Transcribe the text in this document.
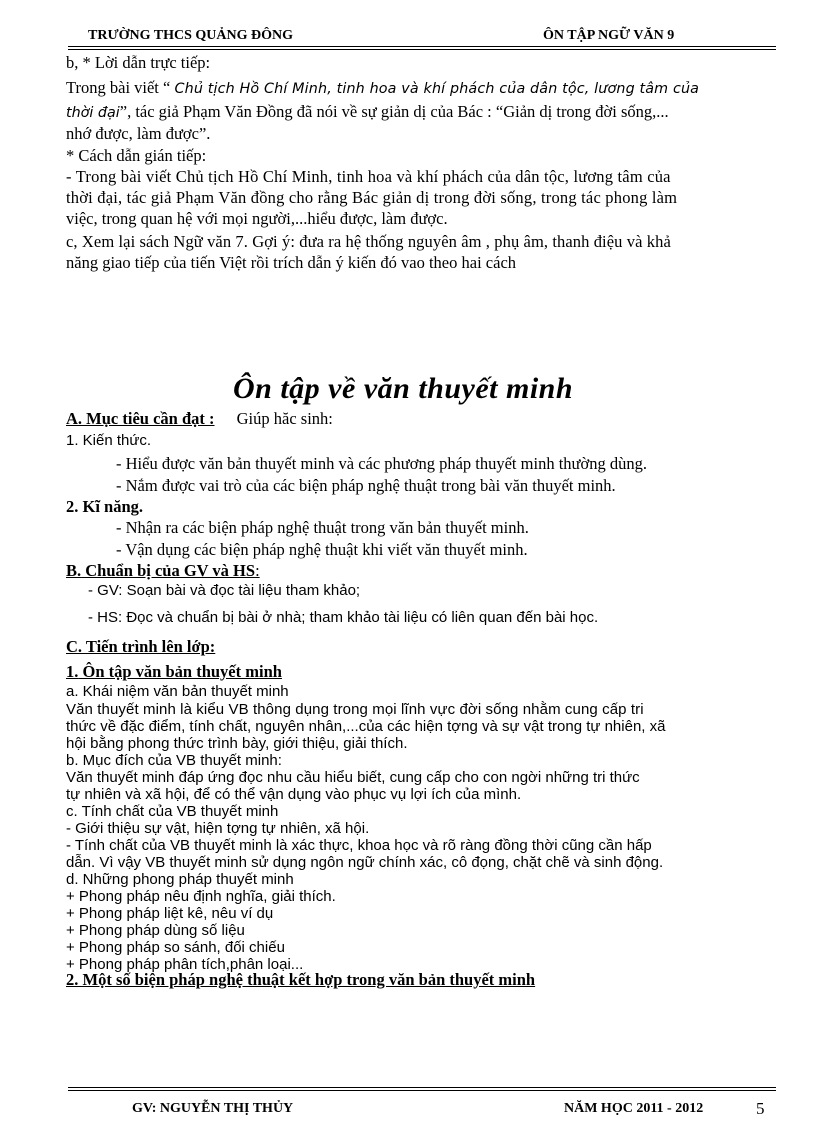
TRƯỜNG THCS QUẢNG ĐÔNG	ÔN TẬP NGỮ VĂN 9
b, * Lời dẫn trực tiếp:
Trong bài viết “ Chủ tịch Hồ Chí Minh, tinh hoa và khí phách của dân tộc, lương tâm của
thời đại”, tác giả Phạm Văn Đồng đã nói về sự giản dị của Bác : “Giản dị trong đời sống,...
nhớ được, làm được”.
* Cách dẫn gián tiếp:
- Trong bài viết Chủ tịch Hồ Chí Minh, tinh hoa và khí phách của dân tộc, lương tâm của
thời đại, tác giả Phạm Văn đồng cho rằng Bác giản dị trong đời sống, trong tác phong làm
việc, trong quan hệ với mọi người,...hiểu được, làm được.
c, Xem lại sách Ngữ văn 7. Gợi ý: đưa ra hệ thống nguyên âm , phụ âm, thanh điệu và khả
năng giao tiếp của tiến Việt rồi trích dẫn ý kiến đó vao theo hai cách
Ôn tập về văn thuyết minh
A. Mục tiêu cần đạt : Giúp hăc sinh:
1. Kiến thức.
- Hiểu được văn bản thuyết minh và các phương pháp thuyết minh thường dùng.
- Nắm được vai trò của các biện pháp nghệ thuật trong bài văn thuyết minh.
2. Kĩ năng.
- Nhận ra các biện pháp nghệ thuật trong văn bản thuyết minh.
- Vận dụng các biện pháp nghệ thuật khi viết văn thuyết minh.
B. Chuẩn bị của GV và HS:
- GV: Soạn bài và đọc tài liệu tham khảo;
- HS: Đọc và chuẩn bị bài ở nhà; tham khảo tài liệu có liên quan đến bài học.
C. Tiến trình lên lớp:
1. Ôn tập văn bản thuyết minh
a. Khái niệm văn bản thuyết minh
Văn thuyết minh là kiểu VB thông dụng trong mọi lĩnh vực đời sống nhằm cung cấp tri
thức về đặc điểm, tính chất, nguyên nhân,...của các hiện tợng và sự vật trong tự nhiên, xã
hội bằng phong thức trình bày, giới thiệu, giải thích.
b. Mục đích của VB thuyết minh:
Văn thuyết minh đáp ứng đọc nhu cầu hiểu biết, cung cấp cho con ngời những tri thức
tự nhiên và xã hội, để có thể vận dụng vào phục vụ lợi ích của mình.
c. Tính chất của VB thuyết minh
- Giới thiệu sự vật, hiện tợng tự nhiên, xã hội.
- Tính chất của VB thuyết minh là xác thực, khoa học và rõ ràng đồng thời cũng cần hấp
dẫn. Vì vậy VB thuyết minh sử dụng ngôn ngữ chính xác, cô đọng, chặt chẽ và sinh động.
d. Những phong pháp thuyết minh
+ Phong pháp nêu định nghĩa, giải thích.
+ Phong pháp liệt kê, nêu ví dụ
+ Phong pháp dùng số liệu
+ Phong pháp so sánh, đối chiếu
+ Phong pháp phân tích,phân loại...
2. Một số biện pháp nghệ thuật kết hợp trong văn bản thuyết minh
GV: NGUYỄN THỊ THỦY	NĂM HỌC 2011 - 2012	5
